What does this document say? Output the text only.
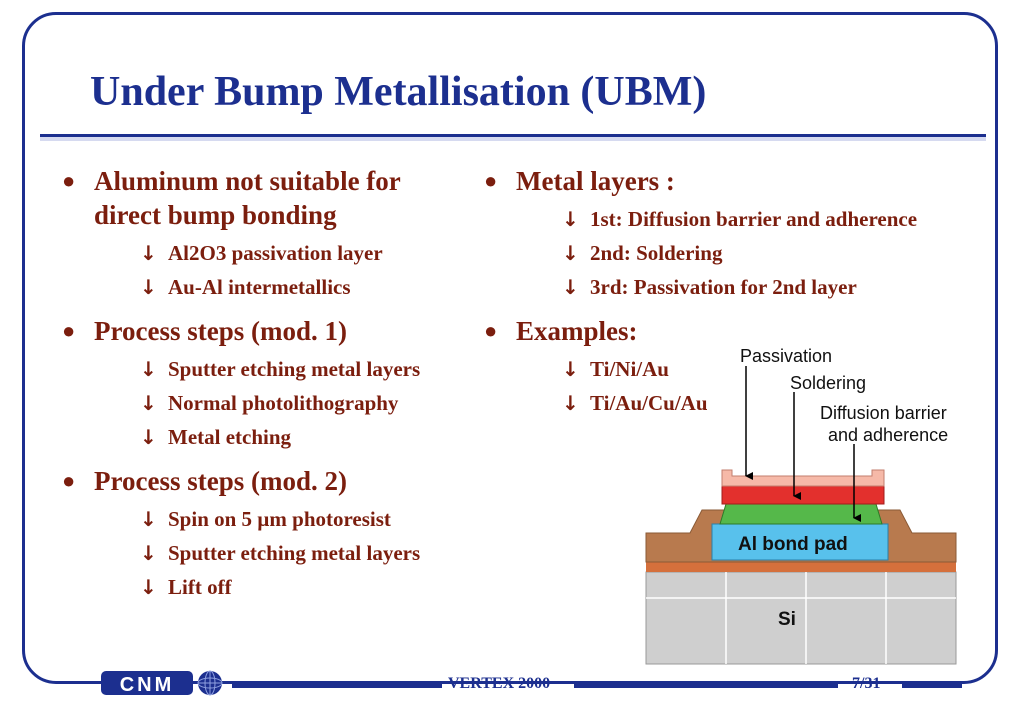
Under Bump Metallisation (UBM)
● Aluminum not suitable for direct bump bonding
↓ Al2O3 passivation layer
↓ Au-Al intermetallics
● Process steps (mod. 1)
↓ Sputter etching metal layers
↓ Normal photolithography
↓ Metal etching
● Process steps (mod. 2)
↓ Spin on 5 µm photoresist
↓ Sputter etching metal layers
↓ Lift off
● Metal layers :
↓ 1st: Diffusion barrier and adherence
↓ 2nd: Soldering
↓ 3rd: Passivation for 2nd layer
● Examples:
↓ Ti/Ni/Au
↓ Ti/Au/Cu/Au
Passivation
Soldering
Diffusion barrier
and adherence
Al bond pad
Si
CNM	VERTEX 2000	7/31
